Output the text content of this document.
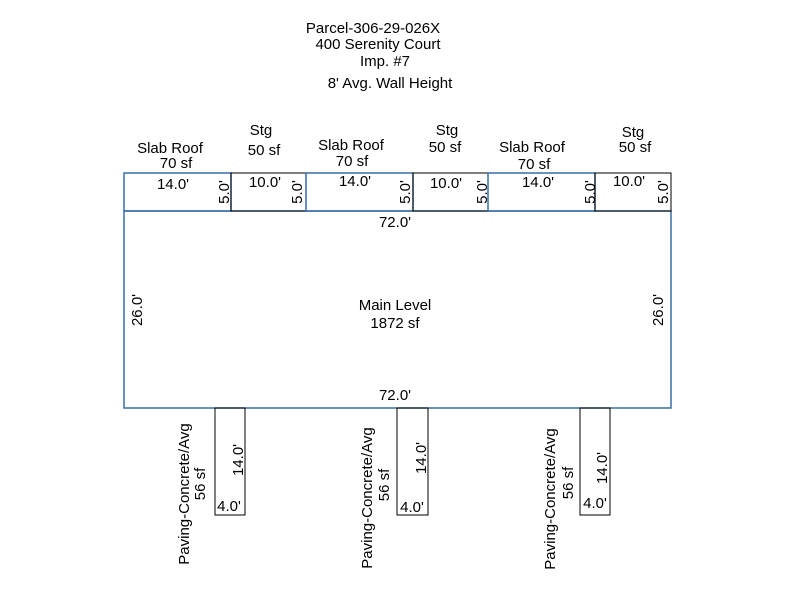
Parcel-306-29-026X
400 Serenity Court
Imp. #7
8' Avg. Wall Height
72.0'
Main Level
1872 sf
72.0'
26.0'	26.0'
Slab Roof
70 sf
14.0' 5.0'
Stg
50 sf
10.0' 5.0'
Slab Roof
70 sf
14.0' 5.0'
Stg
50 sf
10.0' 5.0'
Slab Roof
70 sf
14.0' 5.0'
Stg
50 sf
10.0' 5.0'
Paving-Concrete/Avg 56 sf
14.0'
4.0'	Paving-Concrete/Avg 56 sf
14.0'
4.0'	Paving-Concrete/Avg 56 sf 14.0'
4.0'
